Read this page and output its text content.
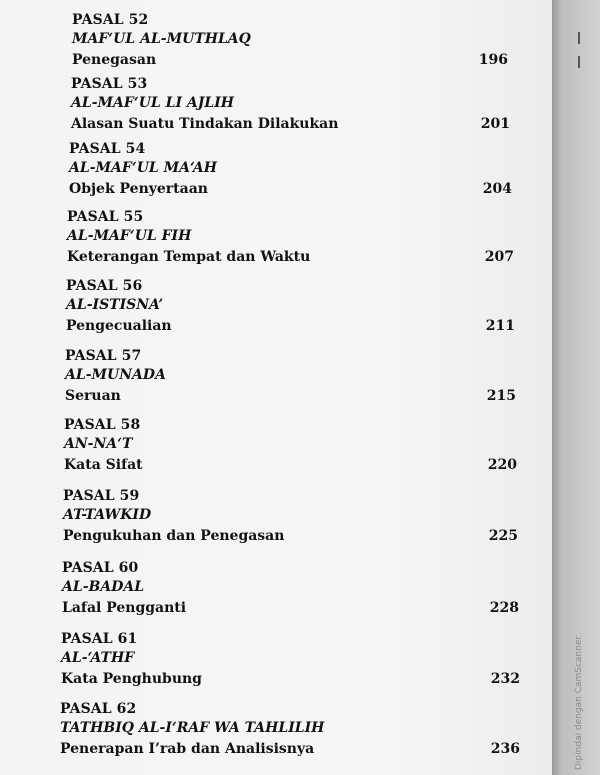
PASAL 52
MAF‘UL AL-MUTHLAQ
Penegasan	196
PASAL 53
AL-MAF‘UL LI AJLIH
Alasan Suatu Tindakan Dilakukan	201
PASAL 54
AL-MAF‘UL MA‘AH
Objek Penyertaan	204
PASAL 55
AL-MAF‘UL FIH
Keterangan Tempat dan Waktu	207
PASAL 56
AL-ISTISNA’
Pengecualian	211
PASAL 57
AL-MUNADA
Seruan	215
PASAL 58
AN-NA‘T
Kata Sifat	220
PASAL 59
AT-TAWKID
Pengukuhan dan Penegasan	225
PASAL 60
AL-BADAL
Lafal Pengganti	228
PASAL 61
AL-‘ATHF
Kata Penghubung	232
PASAL 62
TATHBIQ AL-I‘RAF WA TAHLILIH
Penerapan I’rab dan Analisisnya	236	Dipindai dengan CamScanner
